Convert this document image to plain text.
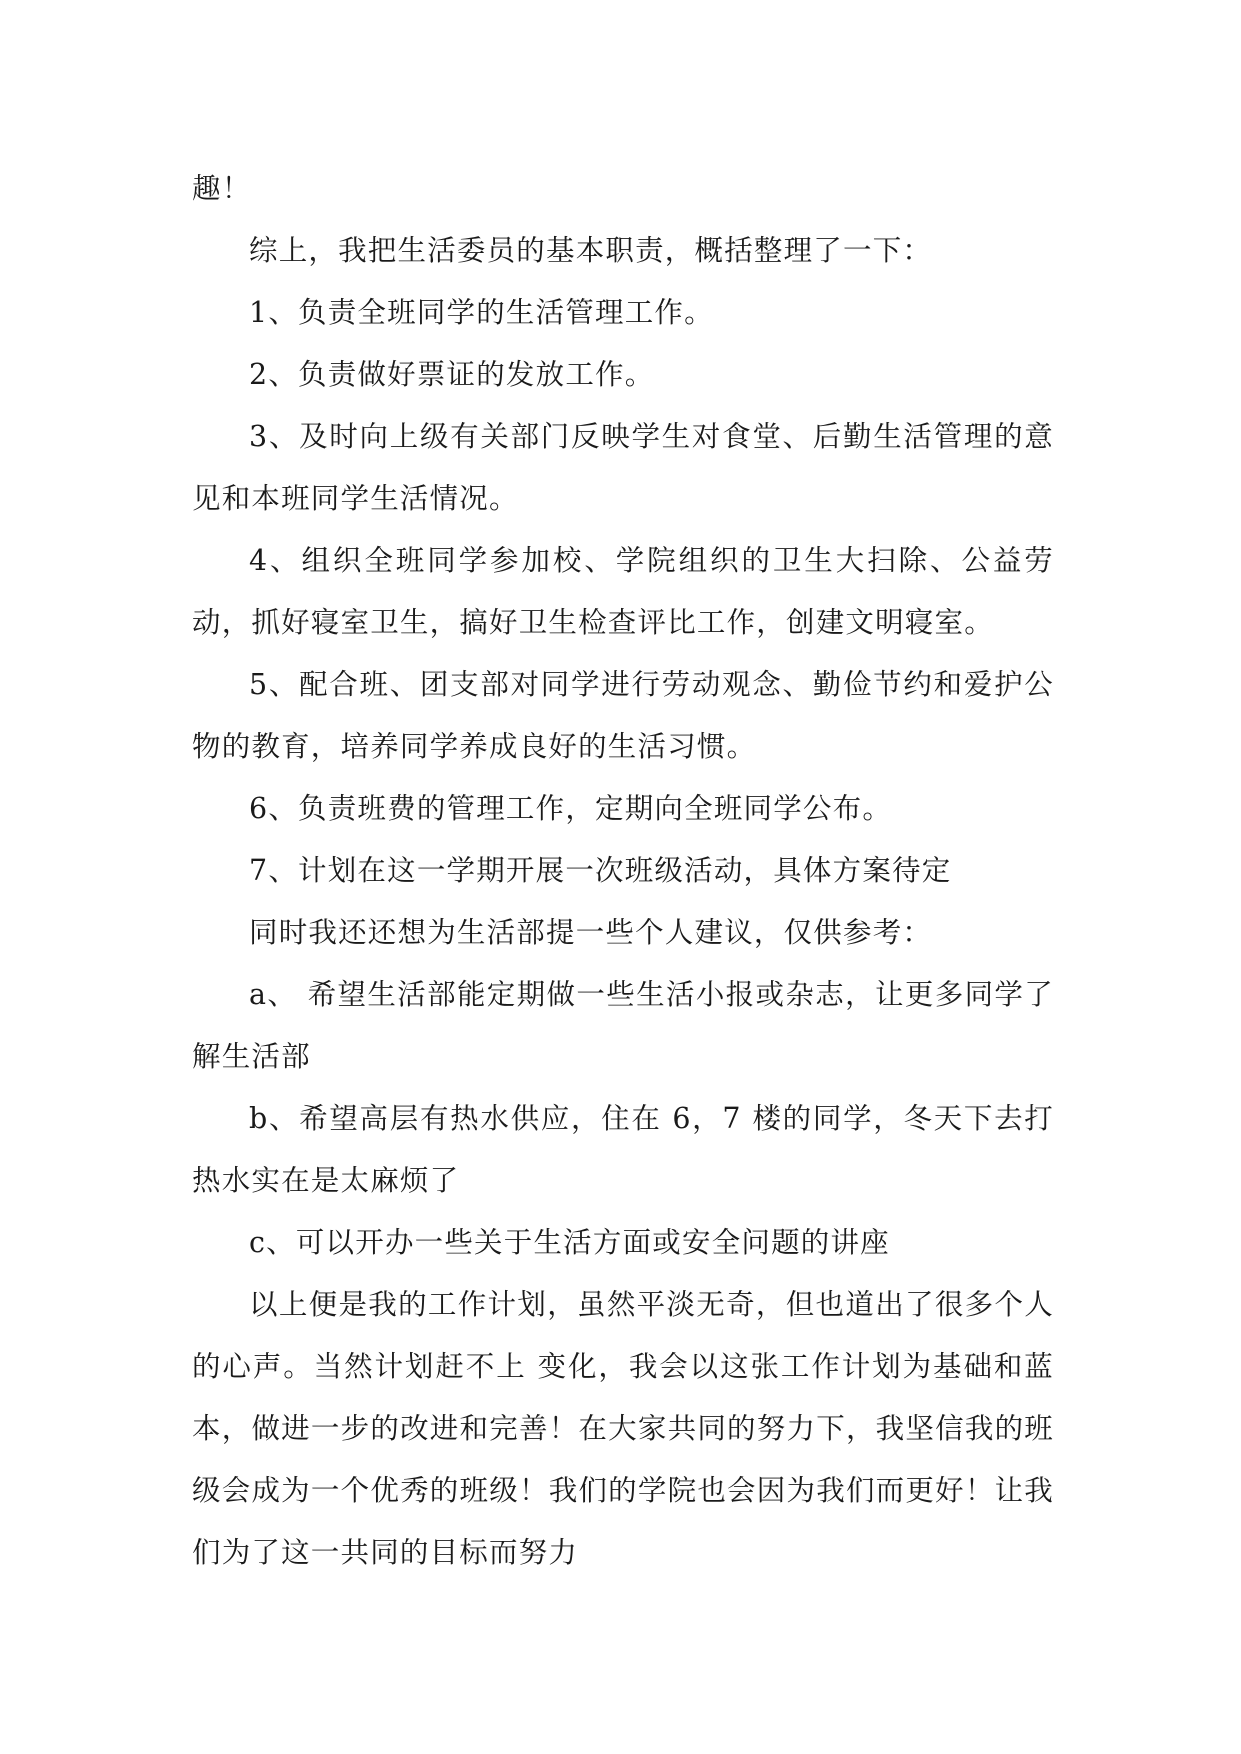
趣！

综上，我把生活委员的基本职责，概括整理了一下：

1、负责全班同学的生活管理工作。

2、负责做好票证的发放工作。

3、及时向上级有关部门反映学生对食堂、后勤生活管理的意见和本班同学生活情况。

4、组织全班同学参加校、学院组织的卫生大扫除、公益劳动，抓好寝室卫生，搞好卫生检查评比工作，创建文明寝室。

5、配合班、团支部对同学进行劳动观念、勤俭节约和爱护公物的教育，培养同学养成良好的生活习惯。

6、负责班费的管理工作，定期向全班同学公布。

7、计划在这一学期开展一次班级活动，具体方案待定

同时我还还想为生活部提一些个人建议，仅供参考：

a、 希望生活部能定期做一些生活小报或杂志，让更多同学了解生活部

b、希望高层有热水供应，住在 6，7 楼的同学，冬天下去打热水实在是太麻烦了

c、可以开办一些关于生活方面或安全问题的讲座

以上便是我的工作计划，虽然平淡无奇，但也道出了很多个人的心声。当然计划赶不上 变化，我会以这张工作计划为基础和蓝本，做进一步的改进和完善！在大家共同的努力下，我坚信我的班级会成为一个优秀的班级！我们的学院也会因为我们而更好！让我们为了这一共同的目标而努力
